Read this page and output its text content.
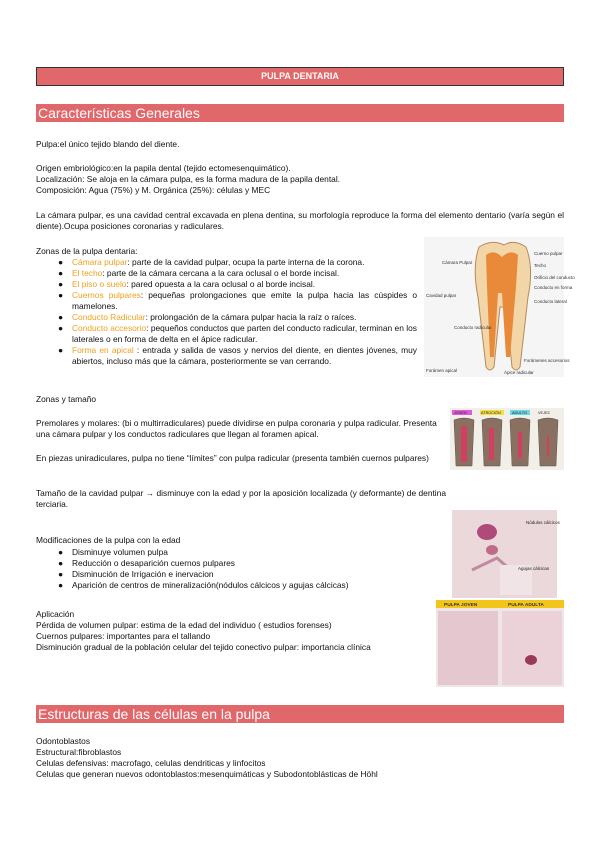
PULPA DENTARIA
Características Generales
Pulpa:el único tejido blando del diente.
Origen embriológico:en la papila dental (tejido ectomesenquimático).
Localización: Se aloja en la cámara pulpa, es la forma madura de la papila dental.
Composición: Agua (75%) y M. Orgánica (25%): células y MEC
La cámara pulpar, es una cavidad central excavada en plena dentina, su morfología reproduce la forma del elemento dentario (varía según el diente).Ocupa posiciones coronarias y radiculares.
Zonas de la pulpa dentaria:
● Cámara pulpar: parte de la cavidad pulpar, ocupa la parte interna de la corona.
● El techo: parte de la cámara cercana a la cara oclusal o el borde incisal.
● El piso o suelo: pared opuesta a la cara oclusal o al borde incisal.
● Cuernos pulpares: pequeñas prolongaciones que emite la pulpa hacia las cúspides o mamelones.
● Conducto Radicular: prolongación de la cámara pulpar hacia la raíz o raíces.
● Conducto accesorio: pequeños conductos que parten del conducto radicular, terminan en los laterales o en forma de delta en el ápice radicular.
● Forma en apical : entrada y salida de vasos y nervios del diente, en dientes jóvenes, muy abiertos, incluso más que la cámara, posteriormente se van cerrando.
Cavidad pulpar
Cámara Pulpar
Cuerno pulpar
Techo
Orificio del conducto
Conducto en forma
Conducto lateral
Conducto radicular
Forámenes accesorios
Forámen apical	Ápice radicular
Zonas y tamaño
Premolares y molares: (bi o multirradiculares) puede dividirse en pulpa coronaria y pulpa radicular. Presenta una cámara pulpar y los conductos radiculares que llegan al foramen apical.
En piezas uniradiculares, pulpa no tiene “límites” con pulpa radicular (presenta también cuernos pulpares)
Tamaño de la cavidad pulpar → disminuye con la edad y por la aposición localizada (y deformante) de dentina terciaria.
JOVEN	ATROCIÓN	ADULTO	VEJEZ
Modificaciones de la pulpa con la edad
● Disminuye volumen pulpa
● Reducción o desaparición cuernos pulpares
● Disminución de Irrigación e inervacion
● Aparición de centros de mineralización(nódulos cálcicos y agujas cálcicas)
Nódulos cálcicos
Agujas cálcicas
Aplicación
Pérdida de volumen pulpar: estima de la edad del individuo ( estudios forenses)
Cuernos pulpares: importantes para el tallando
Disminución gradual de la población celular del tejido conectivo pulpar: importancia clínica
PULPA JOVEN	PULPA ADULTA
Estructuras de las células en la pulpa
Odontoblastos
Estructural:fibroblastos
Celulas defensivas: macrofago, celulas dendriticas y linfocitos
Celulas que generan nuevos odontoblastos:mesenquimáticas y Subodontoblásticas de Höhl
